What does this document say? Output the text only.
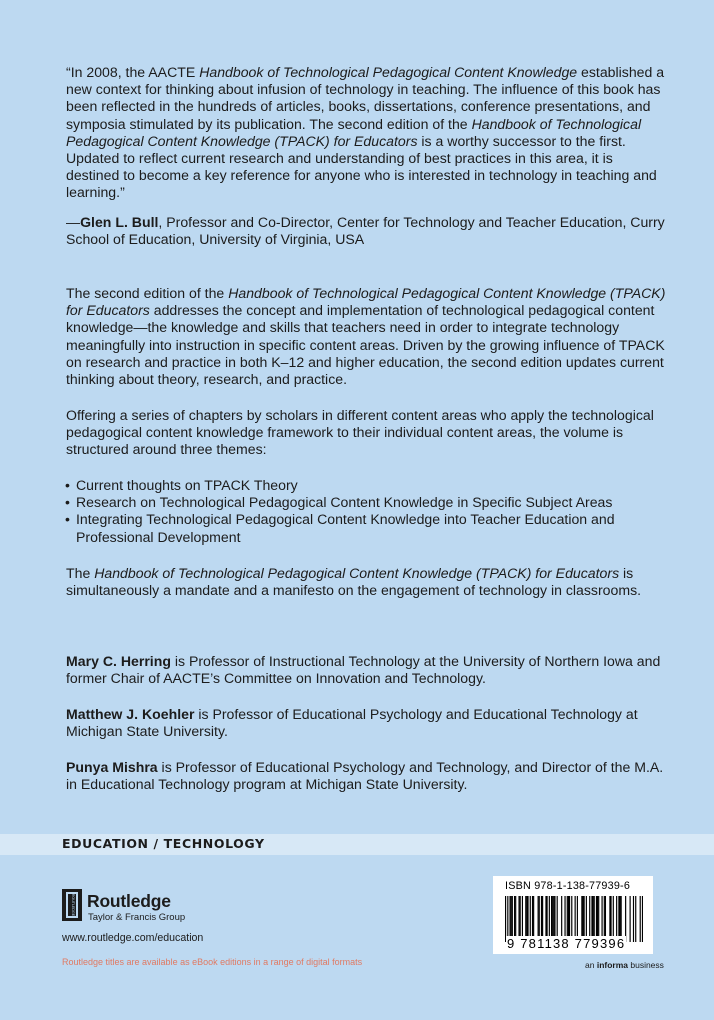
“In 2008, the AACTE Handbook of Technological Pedagogical Content Knowledge established a new context for thinking about infusion of technology in teaching. The influence of this book has been reflected in the hundreds of articles, books, dissertations, conference presentations, and symposia stimulated by its publication. The second edition of the Handbook of Technological Pedagogical Content Knowledge (TPACK) for Educators is a worthy successor to the first. Updated to reflect current research and understanding of best practices in this area, it is destined to become a key reference for anyone who is interested in technology in teaching and learning.”

—Glen L. Bull, Professor and Co-Director, Center for Technology and Teacher Education, Curry School of Education, University of Virginia, USA

The second edition of the Handbook of Technological Pedagogical Content Knowledge (TPACK) for Educators addresses the concept and implementation of technological pedagogical content knowledge—the knowledge and skills that teachers need in order to integrate technology meaningfully into instruction in specific content areas. Driven by the growing influence of TPACK on research and practice in both K–12 and higher education, the second edition updates current thinking about theory, research, and practice.

Offering a series of chapters by scholars in different content areas who apply the technological pedagogical content knowledge framework to their individual content areas, the volume is structured around three themes:

• Current thoughts on TPACK Theory
• Research on Technological Pedagogical Content Knowledge in Specific Subject Areas
• Integrating Technological Pedagogical Content Knowledge into Teacher Education and Professional Development

The Handbook of Technological Pedagogical Content Knowledge (TPACK) for Educators is simultaneously a mandate and a manifesto on the engagement of technology in classrooms.

Mary C. Herring is Professor of Instructional Technology at the University of Northern Iowa and former Chair of AACTE’s Committee on Innovation and Technology.

Matthew J. Koehler is Professor of Educational Psychology and Educational Technology at Michigan State University.

Punya Mishra is Professor of Educational Psychology and Technology, and Director of the M.A. in Educational Technology program at Michigan State University.

EDUCATION / TECHNOLOGY
ROUTLEDGE Routledge
Taylor & Francis Group
www.routledge.com/education
Routledge titles are available as eBook editions in a range of digital formats
ISBN 978-1-138-77939-6
9 781138 779396
an informa business
